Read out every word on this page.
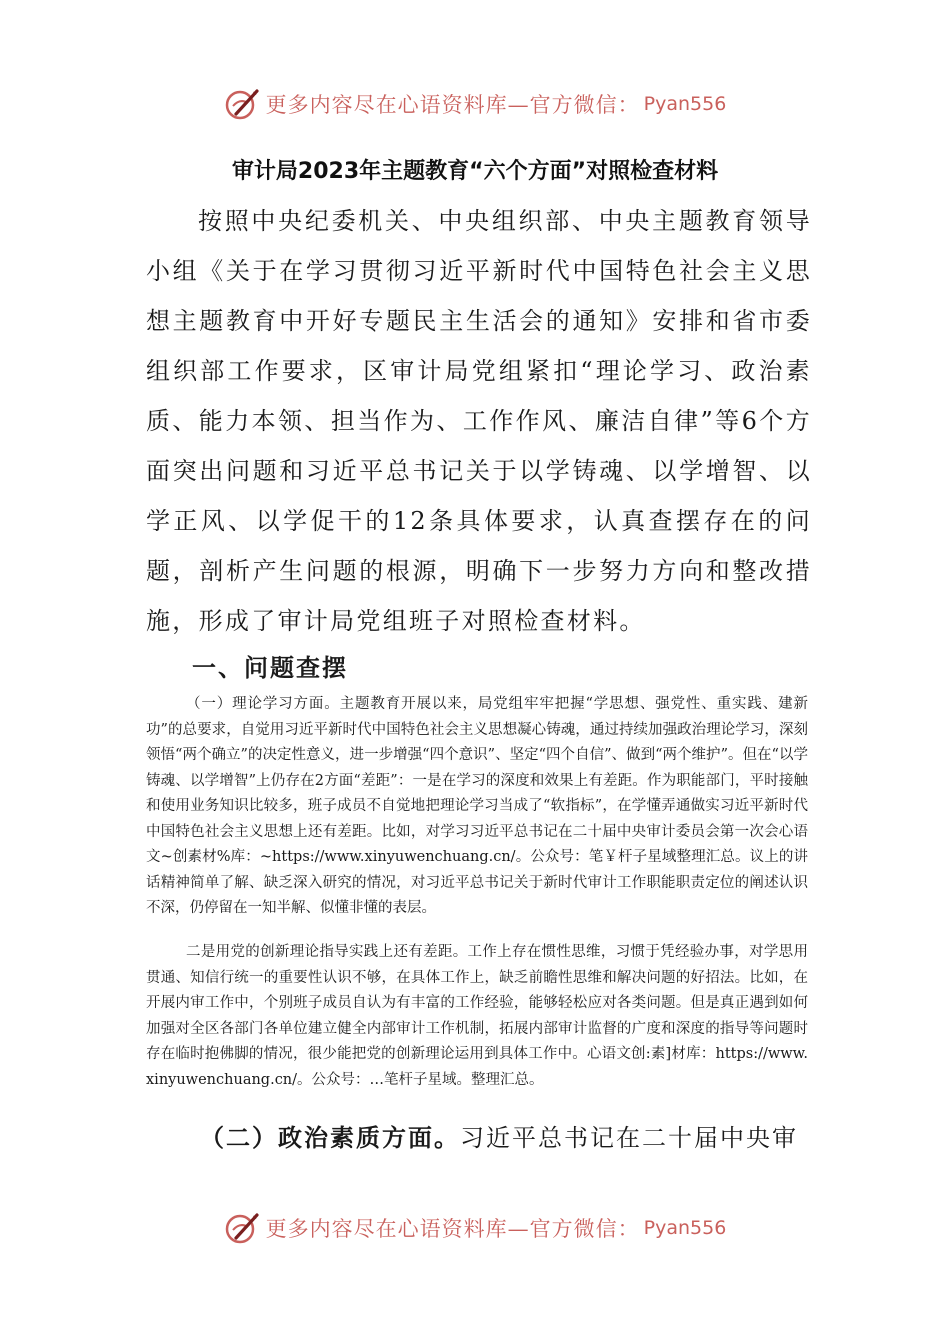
更多内容尽在心语资料库—官方微信： Pyan556
审计局2023年主题教育“六个方面”对照检查材料

按照中央纪委机关、中央组织部、中央主题教育领导小组《关于在学习贯彻习近平新时代中国特色社会主义思想主题教育中开好专题民主生活会的通知》安排和省市委组织部工作要求，区审计局党组紧扣“理论学习、政治素质、能力本领、担当作为、工作作风、廉洁自律”等6个方面突出问题和习近平总书记关于以学铸魂、以学增智、以学正风、以学促干的12条具体要求，认真查摆存在的问题，剖析产生问题的根源，明确下一步努力方向和整改措施，形成了审计局党组班子对照检查材料。

一、问题查摆

（一）理论学习方面。主题教育开展以来，局党组牢牢把握“学思想、强党性、重实践、建新功”的总要求，自觉用习近平新时代中国特色社会主义思想凝心铸魂，通过持续加强政治理论学习，深刻领悟“两个确立”的决定性意义，进一步增强“四个意识”、坚定“四个自信”、做到“两个维护”。但在“以学铸魂、以学增智”上仍存在2方面“差距”：一是在学习的深度和效果上有差距。作为职能部门，平时接触和使用业务知识比较多，班子成员不自觉地把理论学习当成了“软指标”，在学懂弄通做实习近平新时代中国特色社会主义思想上还有差距。比如，对学习习近平总书记在二十届中央审计委员会第一次会心语文~创素材%库：~https://www.xinyuwenchuang.cn/。公众号：笔￥杆子星域整理汇总。议上的讲话精神简单了解、缺乏深入研究的情况，对习近平总书记关于新时代审计工作职能职责定位的阐述认识不深，仍停留在一知半解、似懂非懂的表层。

二是用党的创新理论指导实践上还有差距。工作上存在惯性思维，习惯于凭经验办事，对学思用贯通、知信行统一的重要性认识不够，在具体工作上，缺乏前瞻性思维和解决问题的好招法。比如，在开展内审工作中，个别班子成员自认为有丰富的工作经验，能够轻松应对各类问题。但是真正遇到如何加强对全区各部门各单位建立健全内部审计工作机制，拓展内部审计监督的广度和深度的指导等问题时存在临时抱佛脚的情况，很少能把党的创新理论运用到具体工作中。心语文创:素]材库：https://www.xinyuwenchuang.cn/。公众号：…笔杆子星域。整理汇总。

（二）政治素质方面。习近平总书记在二十届中央审

更多内容尽在心语资料库—官方微信： Pyan556
